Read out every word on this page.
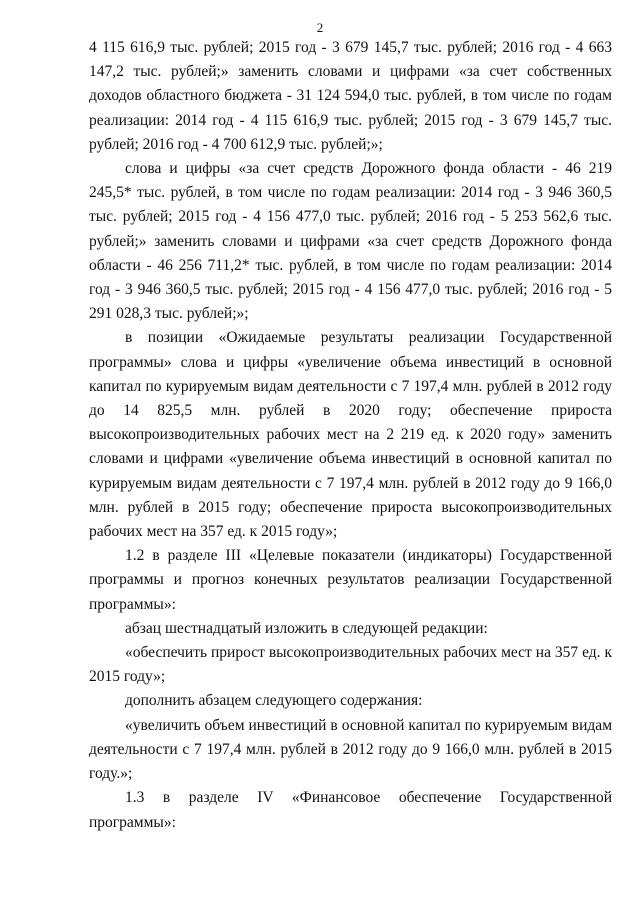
2

4 115 616,9 тыс. рублей; 2015 год - 3 679 145,7 тыс. рублей; 2016 год - 4 663 147,2 тыс. рублей;» заменить словами и цифрами «за счет собственных доходов областного бюджета - 31 124 594,0 тыс. рублей, в том числе по годам реализации: 2014 год - 4 115 616,9 тыс. рублей; 2015 год - 3 679 145,7 тыс. рублей; 2016 год - 4 700 612,9 тыс. рублей;»;

слова и цифры «за счет средств Дорожного фонда области - 46 219 245,5* тыс. рублей, в том числе по годам реализации: 2014 год - 3 946 360,5 тыс. рублей; 2015 год - 4 156 477,0 тыс. рублей; 2016 год - 5 253 562,6 тыс. рублей;» заменить словами и цифрами «за счет средств Дорожного фонда области - 46 256 711,2* тыс. рублей, в том числе по годам реализации: 2014 год - 3 946 360,5 тыс. рублей; 2015 год - 4 156 477,0 тыс. рублей; 2016 год - 5 291 028,3 тыс. рублей;»;

в позиции «Ожидаемые результаты реализации Государственной программы» слова и цифры «увеличение объема инвестиций в основной капитал по курируемым видам деятельности с 7 197,4 млн. рублей в 2012 году до 14 825,5 млн. рублей в 2020 году; обеспечение прироста высокопроизводительных рабочих мест на 2 219 ед. к 2020 году» заменить словами и цифрами «увеличение объема инвестиций в основной капитал по курируемым видам деятельности с 7 197,4 млн. рублей в 2012 году до 9 166,0 млн. рублей в 2015 году; обеспечение прироста высокопроизводительных рабочих мест на 357 ед. к 2015 году»;

1.2 в разделе III «Целевые показатели (индикаторы) Государственной программы и прогноз конечных результатов реализации Государственной программы»:

абзац шестнадцатый изложить в следующей редакции:

«обеспечить прирост высокопроизводительных рабочих мест на 357 ед. к 2015 году»;

дополнить абзацем следующего содержания:

«увеличить объем инвестиций в основной капитал по курируемым видам деятельности с 7 197,4 млн. рублей в 2012 году до 9 166,0 млн. рублей в 2015 году.»;

1.3 в разделе IV «Финансовое обеспечение Государственной программы»:
